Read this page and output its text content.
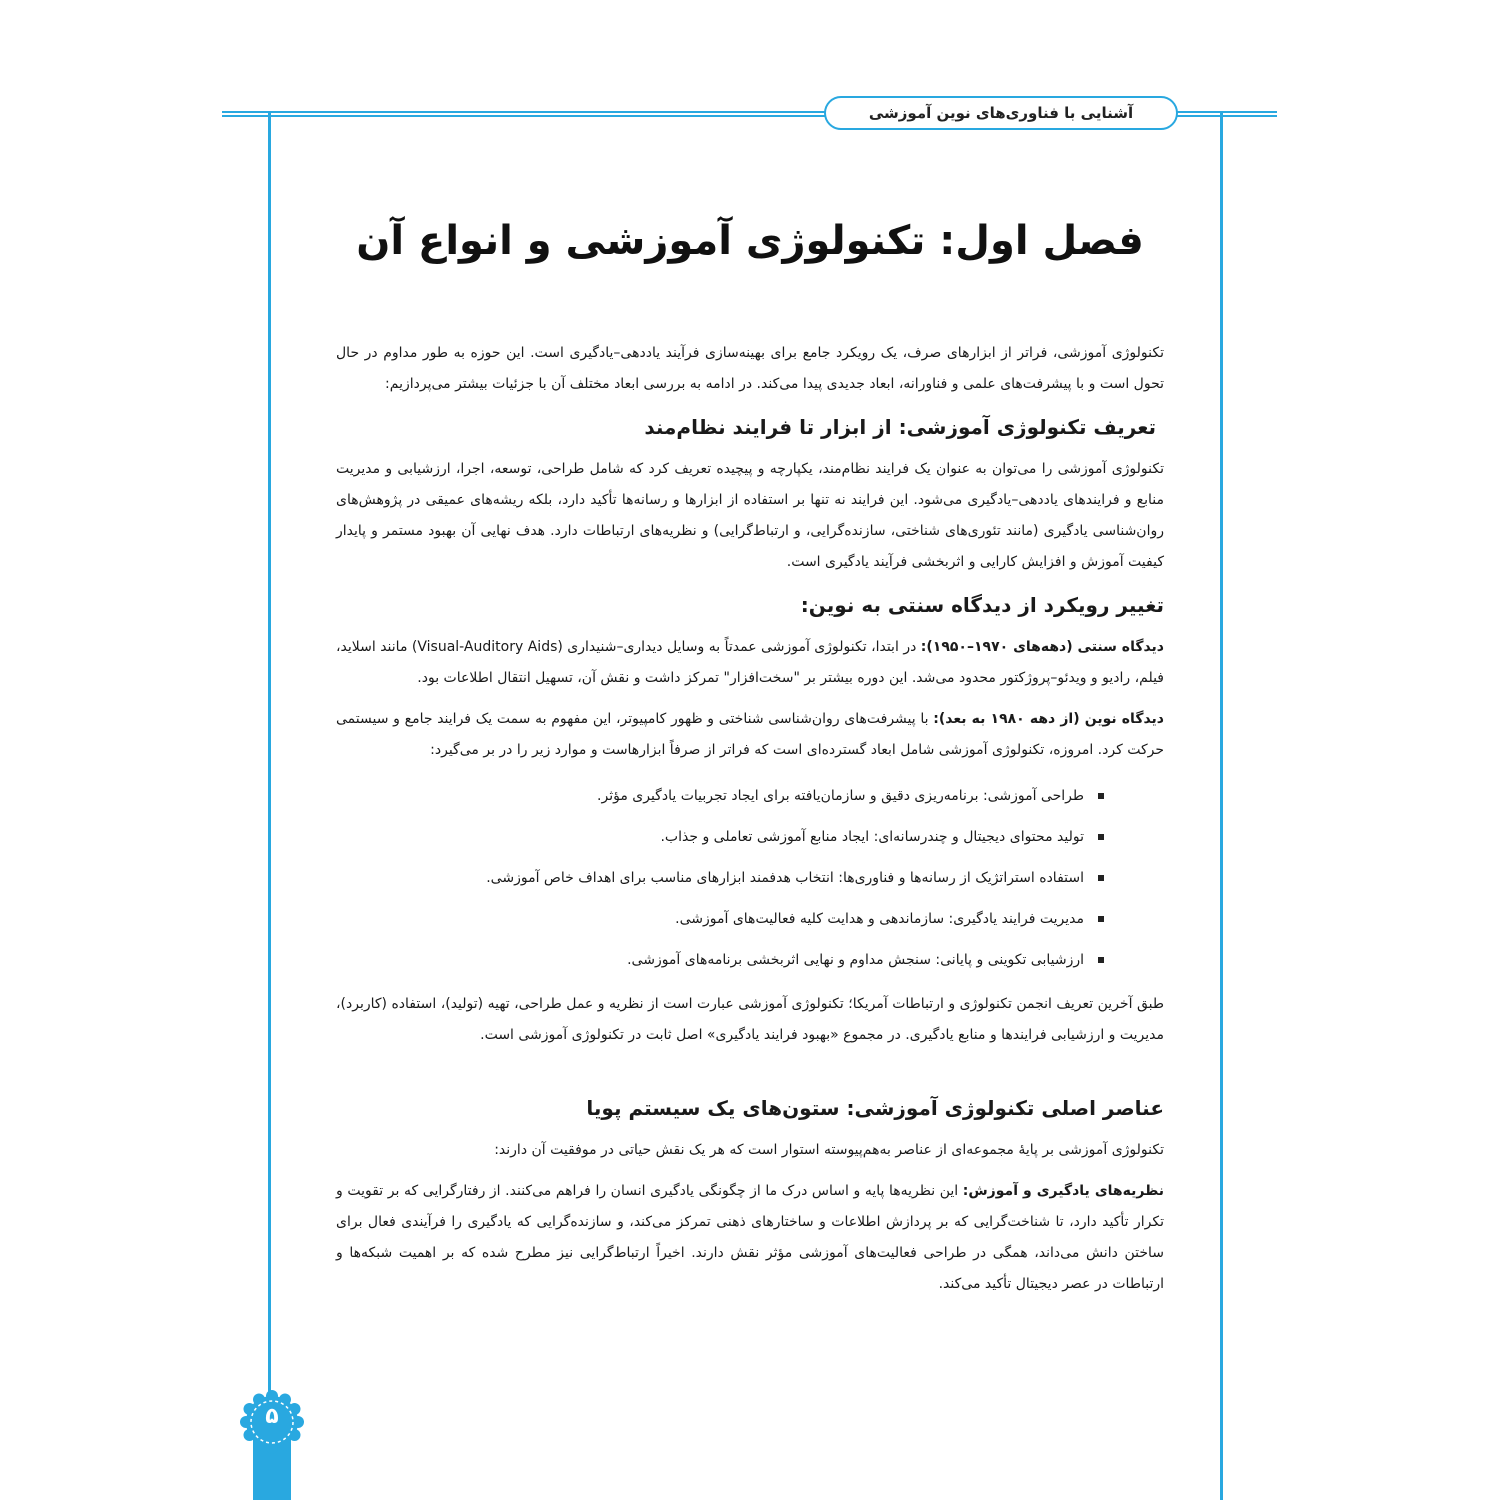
آشنایی با فناوری‌های نوین آموزشی
فصل اول: تکنولوژی آموزشی و انواع آن

تکنولوژی آموزشی، فراتر از ابزارهای صرف، یک رویکرد جامع برای بهینه‌سازی فرآیند یاددهی–یادگیری است. این حوزه به طور مداوم در حال تحول است و با پیشرفت‌های علمی و فناورانه، ابعاد جدیدی پیدا می‌کند. در ادامه به بررسی ابعاد مختلف آن با جزئیات بیشتر می‌پردازیم:

تعریف تکنولوژی آموزشی: از ابزار تا فرایند نظام‌مند

تکنولوژی آموزشی را می‌توان به عنوان یک فرایند نظام‌مند، یکپارچه و پیچیده تعریف کرد که شامل طراحی، توسعه، اجرا، ارزشیابی و مدیریت منابع و فرایندهای یاددهی–یادگیری می‌شود. این فرایند نه تنها بر استفاده از ابزارها و رسانه‌ها تأکید دارد، بلکه ریشه‌های عمیقی در پژوهش‌های روان‌شناسی یادگیری (مانند تئوری‌های شناختی، سازنده‌گرایی، و ارتباط‌گرایی) و نظریه‌های ارتباطات دارد. هدف نهایی آن بهبود مستمر و پایدار کیفیت آموزش و افزایش کارایی و اثربخشی فرآیند یادگیری است.

تغییر رویکرد از دیدگاه سنتی به نوین:

دیدگاه سنتی (دهه‌های ۱۹۷۰–۱۹۵۰): در ابتدا، تکنولوژی آموزشی عمدتاً به وسایل دیداری–شنیداری (Visual-Auditory Aids) مانند اسلاید، فیلم، رادیو و ویدئو–پروژکتور محدود می‌شد. این دوره بیشتر بر "سخت‌افزار" تمرکز داشت و نقش آن، تسهیل انتقال اطلاعات بود.

دیدگاه نوین (از دهه ۱۹۸۰ به بعد): با پیشرفت‌های روان‌شناسی شناختی و ظهور کامپیوتر، این مفهوم به سمت یک فرایند جامع و سیستمی حرکت کرد. امروزه، تکنولوژی آموزشی شامل ابعاد گسترده‌ای است که فراتر از صرفاً ابزارهاست و موارد زیر را در بر می‌گیرد:

طراحی آموزشی: برنامه‌ریزی دقیق و سازمان‌یافته برای ایجاد تجربیات یادگیری مؤثر.
تولید محتوای دیجیتال و چندرسانه‌ای: ایجاد منابع آموزشی تعاملی و جذاب.
استفاده استراتژیک از رسانه‌ها و فناوری‌ها: انتخاب هدفمند ابزارهای مناسب برای اهداف خاص آموزشی.
مدیریت فرایند یادگیری: سازماندهی و هدایت کلیه فعالیت‌های آموزشی.
ارزشیابی تکوینی و پایانی: سنجش مداوم و نهایی اثربخشی برنامه‌های آموزشی.

طبق آخرین تعریف انجمن تکنولوژی و ارتباطات آمریکا؛ تکنولوژی آموزشی عبارت است از نظریه و عمل طراحی، تهیه (تولید)، استفاده (کاربرد)، مدیریت و ارزشیابی فرایندها و منابع یادگیری. در مجموع «بهبود فرایند یادگیری» اصل ثابت در تکنولوژی آموزشی است.

عناصر اصلی تکنولوژی آموزشی: ستون‌های یک سیستم پویا

تکنولوژی آموزشی بر پایهٔ مجموعه‌ای از عناصر به‌هم‌پیوسته استوار است که هر یک نقش حیاتی در موفقیت آن دارند:

نظریه‌های یادگیری و آموزش: این نظریه‌ها پایه و اساس درک ما از چگونگی یادگیری انسان را فراهم می‌کنند. از رفتارگرایی که بر تقویت و تکرار تأکید دارد، تا شناخت‌گرایی که بر پردازش اطلاعات و ساختارهای ذهنی تمرکز می‌کند، و سازنده‌گرایی که یادگیری را فرآیندی فعال برای ساختن دانش می‌داند، همگی در طراحی فعالیت‌های آموزشی مؤثر نقش دارند. اخیراً ارتباط‌گرایی نیز مطرح شده که بر اهمیت شبکه‌ها و ارتباطات در عصر دیجیتال تأکید می‌کند.

۵
